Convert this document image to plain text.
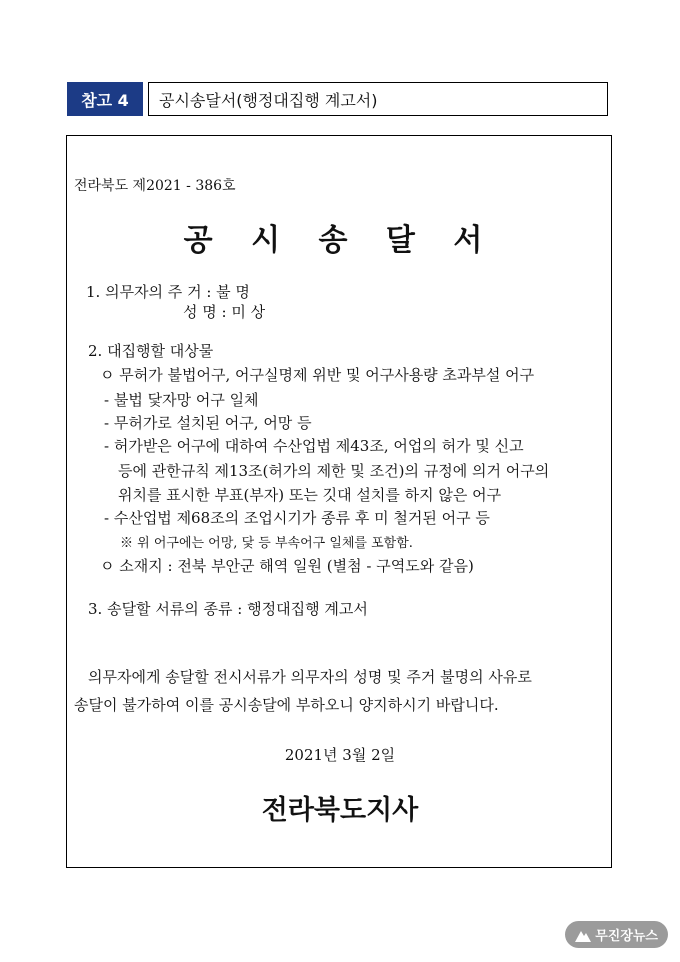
참고 4	공시송달서(행정대집행 계고서)
전라북도 제2021 - 386호
공 시 송 달 서
1. 의무자의 주 거 : 불 명
성 명 : 미 상
2. 대집행할 대상물
ㅇ 무허가 불법어구, 어구실명제 위반 및 어구사용량 초과부설 어구
- 불법 닻자망 어구 일체
- 무허가로 설치된 어구, 어망 등
- 허가받은 어구에 대하여 수산업법 제43조, 어업의 허가 및 신고
등에 관한규칙 제13조(허가의 제한 및 조건)의 규정에 의거 어구의
위치를 표시한 부표(부자) 또는 깃대 설치를 하지 않은 어구
- 수산업법 제68조의 조업시기가 종류 후 미 철거된 어구 등
※ 위 어구에는 어망, 닻 등 부속어구 일체를 포함함.
ㅇ 소재지 : 전북 부안군 해역 일원 (별첨 - 구역도와 같음)
3. 송달할 서류의 종류 : 행정대집행 계고서
의무자에게 송달할 전시서류가 의무자의 성명 및 주거 불명의 사유로
송달이 불가하여 이를 공시송달에 부하오니 양지하시기 바랍니다.
2021년 3월 2일
전라북도지사
무진장뉴스
